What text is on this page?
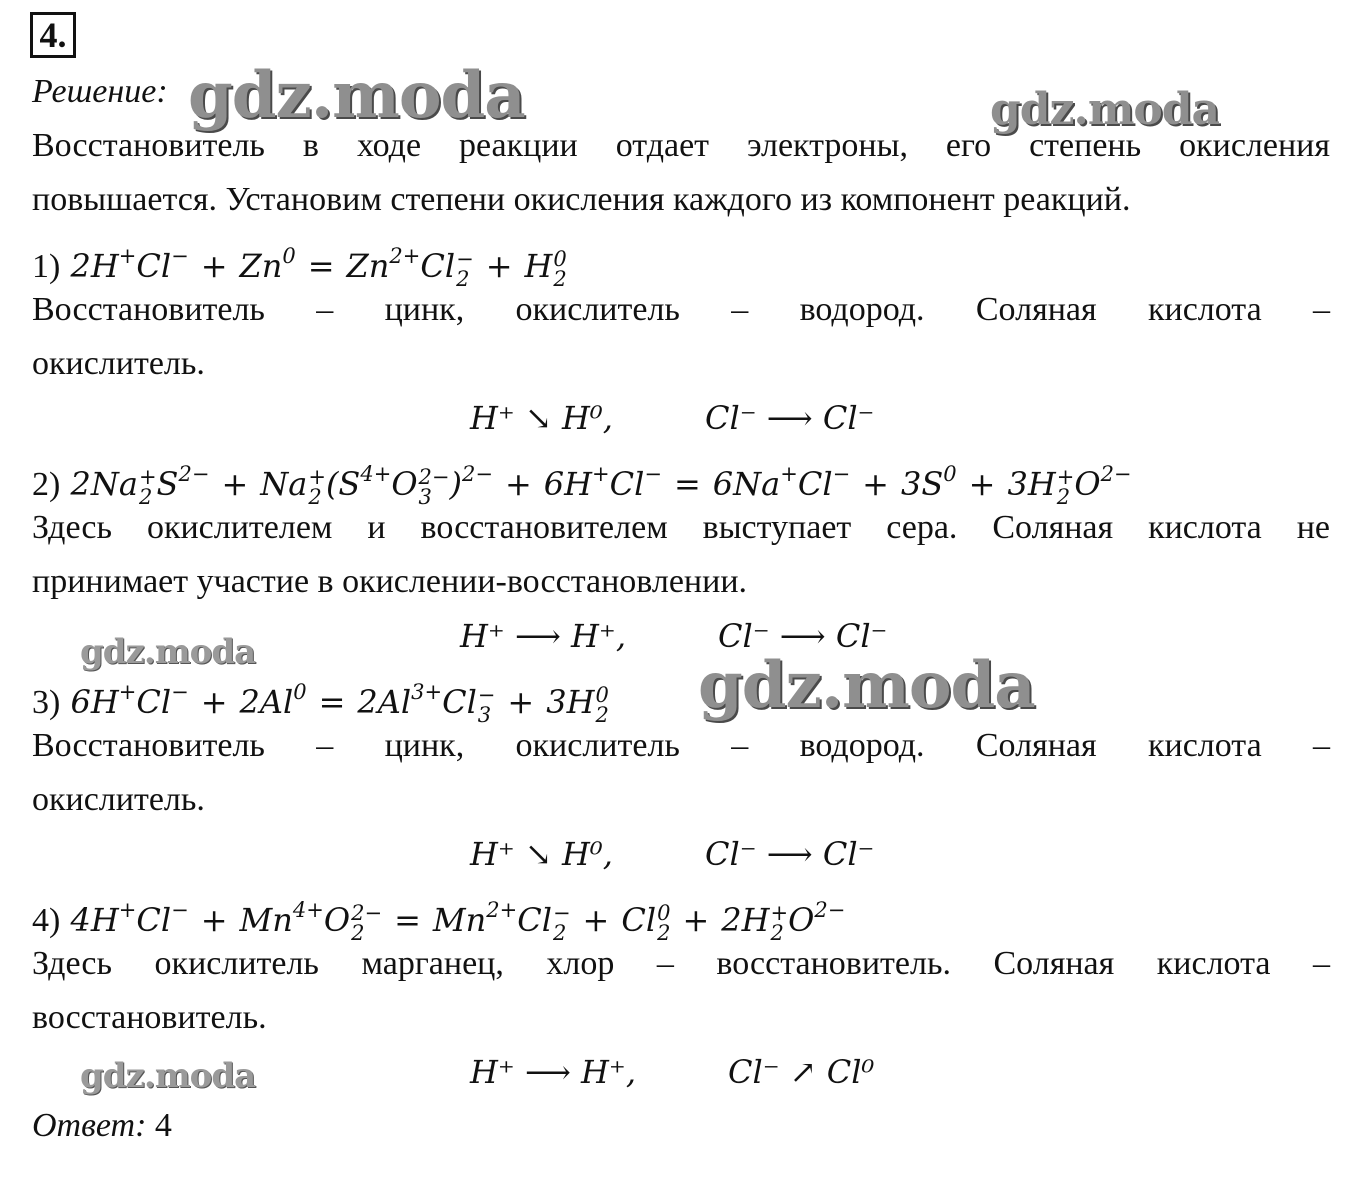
4.
Решение:
Восстановитель в ходе реакции отдает электроны, его степень окисления
повышается. Установим степени окисления каждого из компонент реакций.
1) $2H^+Cl^- + Zn^0 = Zn^{2+}Cl$ −
2 + H 0
2
Восстановитель – цинк, окислитель – водород. Соляная кислота –
окислитель.
H⁺ ↘ H⁰,	Cl⁻ ⟶ Cl⁻
2) 2Na +
2 $S^{2-} + Na$ +
2 ($S^{4+}O$ 2−
3 )$^{2-} + 6H^+Cl^- = 6Na^+Cl^- + 3S^0 + 3H$ +
2 $O^{2-}$
Здесь окислителем и восстановителем выступает сера. Соляная кислота не
принимает участие в окислении-восстановлении.
H⁺ ⟶ H⁺,	Cl⁻ ⟶ Cl⁻
3) $6H^+Cl^- + 2Al^0 = 2Al^{3+}Cl$ −
3 + 3H 0
2
Восстановитель – цинк, окислитель – водород. Соляная кислота –
окислитель.
H⁺ ↘ H⁰,	Cl⁻ ⟶ Cl⁻
4) $4H^+Cl^- + Mn^{4+}O$ 2−
$2 = Mn^{2+}Cl$ −
2 + Cl 0
2 + 2H +
2 $O^{2-}$
Здесь окислитель марганец, хлор – восстановитель. Соляная кислота –
восстановитель.
H⁺ ⟶ H⁺,	Cl⁻ ↗ Cl⁰
Ответ: 4
gdz.moda	gdz.moda
gdz.moda	gdz.moda
gdz.moda
